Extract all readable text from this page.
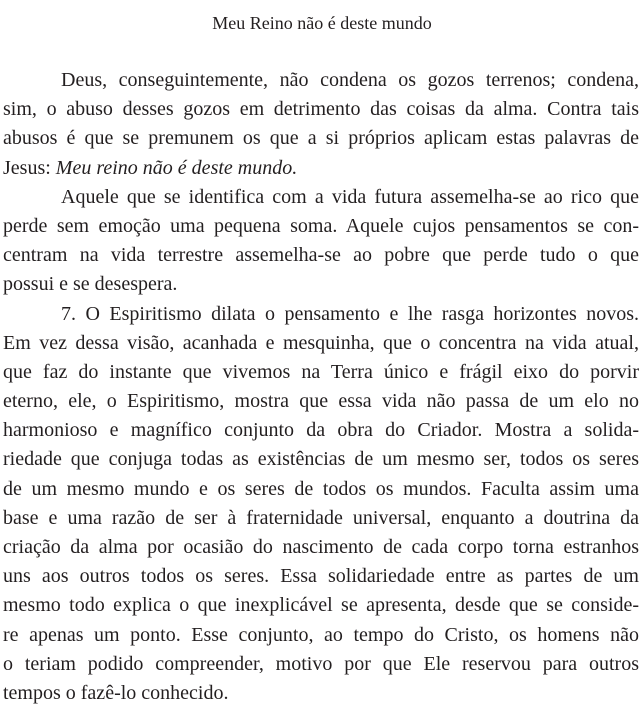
Meu Reino não é deste mundo
Deus, conseguintemente, não condena os gozos terrenos; condena,
sim, o abuso desses gozos em detrimento das coisas da alma. Contra tais
abusos é que se premunem os que a si próprios aplicam estas palavras de
Jesus: Meu reino não é deste mundo.
Aquele que se identifica com a vida futura assemelha-se ao rico que
perde sem emoção uma pequena soma. Aquele cujos pensamentos se con-
centram na vida terrestre assemelha-se ao pobre que perde tudo o que
possui e se desespera.
7. O Espiritismo dilata o pensamento e lhe rasga horizontes novos.
Em vez dessa visão, acanhada e mesquinha, que o concentra na vida atual,
que faz do instante que vivemos na Terra único e frágil eixo do porvir
eterno, ele, o Espiritismo, mostra que essa vida não passa de um elo no
harmonioso e magnífico conjunto da obra do Criador. Mostra a solida-
riedade que conjuga todas as existências de um mesmo ser, todos os seres
de um mesmo mundo e os seres de todos os mundos. Faculta assim uma
base e uma razão de ser à fraternidade universal, enquanto a doutrina da
criação da alma por ocasião do nascimento de cada corpo torna estranhos
uns aos outros todos os seres. Essa solidariedade entre as partes de um
mesmo todo explica o que inexplicável se apresenta, desde que se conside-
re apenas um ponto. Esse conjunto, ao tempo do Cristo, os homens não
o teriam podido compreender, motivo por que Ele reservou para outros
tempos o fazê-lo conhecido.
